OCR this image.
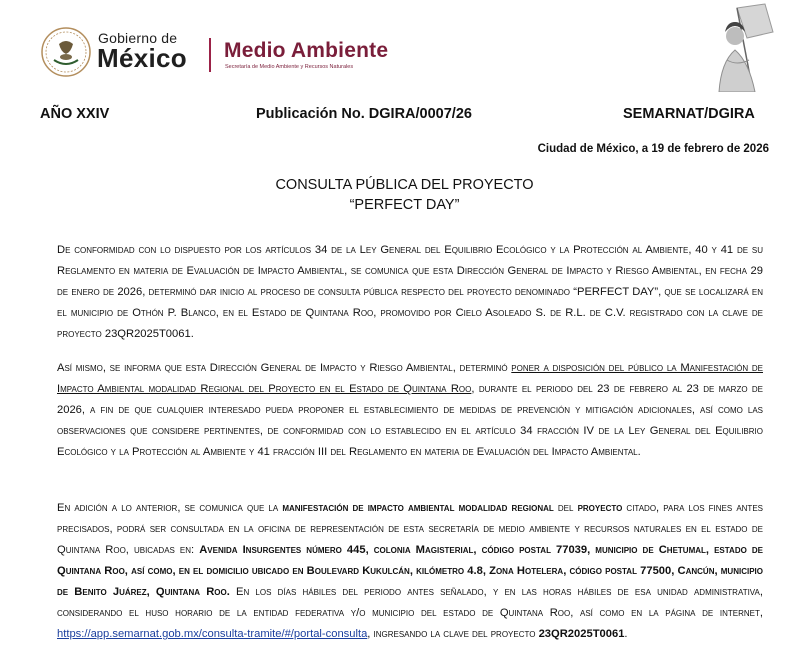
Gobierno de
México Medio Ambiente
Secretaría de Medio Ambiente y Recursos Naturales
AÑO XXIV	Publicación No. DGIRA/0007/26	SEMARNAT/DGIRA
Ciudad de México, a 19 de febrero de 2026
CONSULTA PÚBLICA DEL PROYECTO
“PERFECT DAY”
De conformidad con lo dispuesto por los artículos 34 de la Ley General del Equilibrio Ecológico y la Protección al Ambiente, 40 y 41 de su Reglamento en materia de Evaluación de Impacto Ambiental, se comunica que esta Dirección General de Impacto y Riesgo Ambiental, en fecha 29 de enero de 2026, determinó dar inicio al proceso de consulta pública respecto del proyecto denominado “PERFECT DAY”, que se localizará en el municipio de Othón P. Blanco, en el Estado de Quintana Roo, promovido por Cielo Asoleado S. de R.L. de C.V. registrado con la clave de proyecto 23QR2025T0061.
Así mismo, se informa que esta Dirección General de Impacto y Riesgo Ambiental, determinó poner a disposición del público la Manifestación de Impacto Ambiental modalidad Regional del Proyecto en el Estado de Quintana Roo, durante el periodo del 23 de febrero al 23 de marzo de 2026, a fin de que cualquier interesado pueda proponer el establecimiento de medidas de prevención y mitigación adicionales, así como las observaciones que considere pertinentes, de conformidad con lo establecido en el artículo 34 fracción IV de la Ley General del Equilibrio Ecológico y la Protección al Ambiente y 41 fracción III del Reglamento en materia de Evaluación del Impacto Ambiental.
En adición a lo anterior, se comunica que la manifestación de impacto ambiental modalidad regional del proyecto citado, para los fines antes precisados, podrá ser consultada en la oficina de representación de esta secretaría de medio ambiente y recursos naturales en el estado de Quintana Roo, ubicadas en: Avenida Insurgentes número 445, colonia Magisterial, código postal 77039, municipio de Chetumal, estado de Quintana Roo, así como, en el domicilio ubicado en Boulevard Kukulcán, kilómetro 4.8, Zona Hotelera, código postal 77500, Cancún, municipio de Benito Juárez, Quintana Roo. En los días hábiles del periodo antes señalado, y en las horas hábiles de esa unidad administrativa, considerando el huso horario de la entidad federativa y/o municipio del estado de Quintana Roo, así como en la página de internet, https://app.semarnat.gob.mx/consulta-tramite/#/portal-consulta, ingresando la clave del proyecto 23QR2025T0061.
